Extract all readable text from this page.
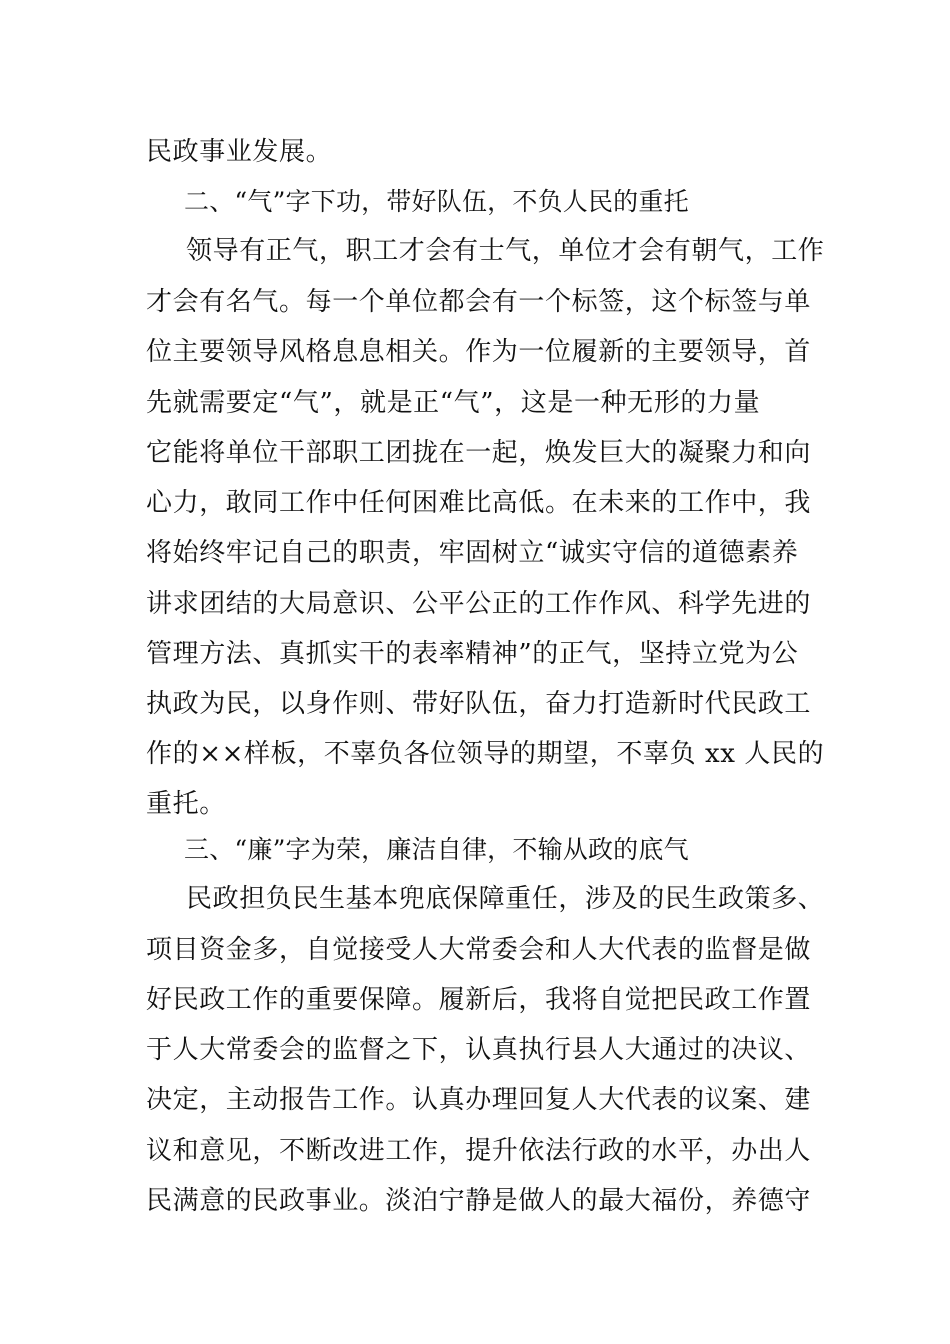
民政事业发展。
二、“气”字下功，带好队伍，不负人民的重托
领导有正气，职工才会有士气，单位才会有朝气，工作
才会有名气。每一个单位都会有一个标签，这个标签与单
位主要领导风格息息相关。作为一位履新的主要领导，首
先就需要定“气”，就是正“气”，这是一种无形的力量
它能将单位干部职工团拢在一起，焕发巨大的凝聚力和向
心力，敢同工作中任何困难比高低。在未来的工作中，我
将始终牢记自己的职责，牢固树立“诚实守信的道德素养
讲求团结的大局意识、公平公正的工作作风、科学先进的
管理方法、真抓实干的表率精神”的正气，坚持立党为公
执政为民，以身作则、带好队伍，奋力打造新时代民政工
作的××样板，不辜负各位领导的期望，不辜负 xx 人民的
重托。
三、“廉”字为荣，廉洁自律，不输从政的底气
民政担负民生基本兜底保障重任，涉及的民生政策多、
项目资金多，自觉接受人大常委会和人大代表的监督是做
好民政工作的重要保障。履新后，我将自觉把民政工作置
于人大常委会的监督之下，认真执行县人大通过的决议、
决定，主动报告工作。认真办理回复人大代表的议案、建
议和意见，不断改进工作，提升依法行政的水平，办出人
民满意的民政事业。淡泊宁静是做人的最大福份，养德守
